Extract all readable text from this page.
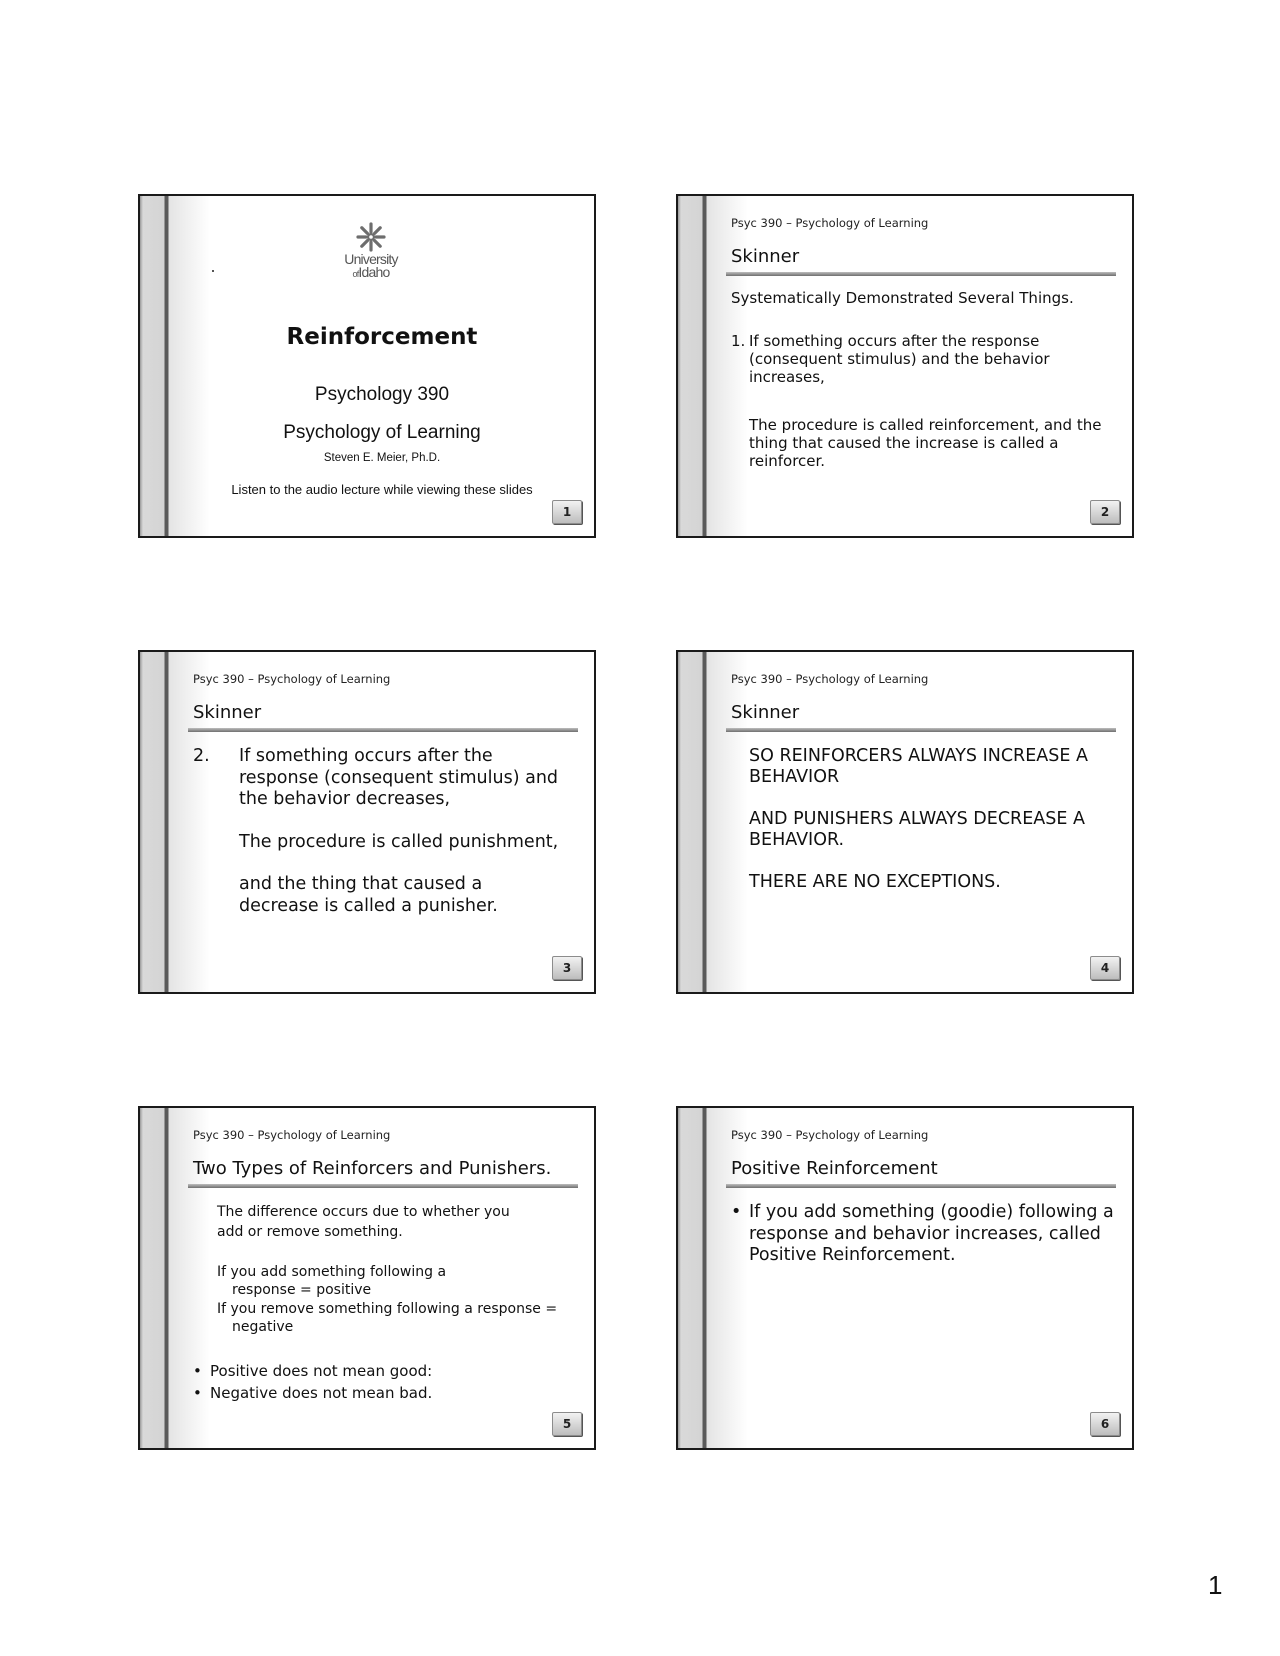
University
ofIdaho
Reinforcement
Psychology 390
Psychology of Learning
Steven E. Meier, Ph.D.
Listen to the audio lecture while viewing these slides
1
Psyc 390 – Psychology of Learning
Skinner
Systematically Demonstrated Several Things.
1. If something occurs after the response (consequent stimulus) and the behavior increases,
The procedure is called reinforcement, and the thing that caused the increase is called a reinforcer.
2
Psyc 390 – Psychology of Learning
Skinner
2. If something occurs after the response (consequent stimulus) and the behavior decreases,

The procedure is called punishment,

and the thing that caused a decrease is called a punisher.

3
Psyc 390 – Psychology of Learning
Skinner

SO REINFORCERS ALWAYS INCREASE A BEHAVIOR

AND PUNISHERS ALWAYS DECREASE A BEHAVIOR.

THERE ARE NO EXCEPTIONS.

4
Psyc 390 – Psychology of Learning
Two Types of Reinforcers and Punishers.
The difference occurs due to whether you
add or remove something.
If you add something following a
response = positive
If you remove something following a response =
negative
• Positive does not mean good:
• Negative does not mean bad.
5
Psyc 390 – Psychology of Learning
Positive Reinforcement
• If you add something (goodie) following a response and behavior increases, called Positive Reinforcement.
6
1
